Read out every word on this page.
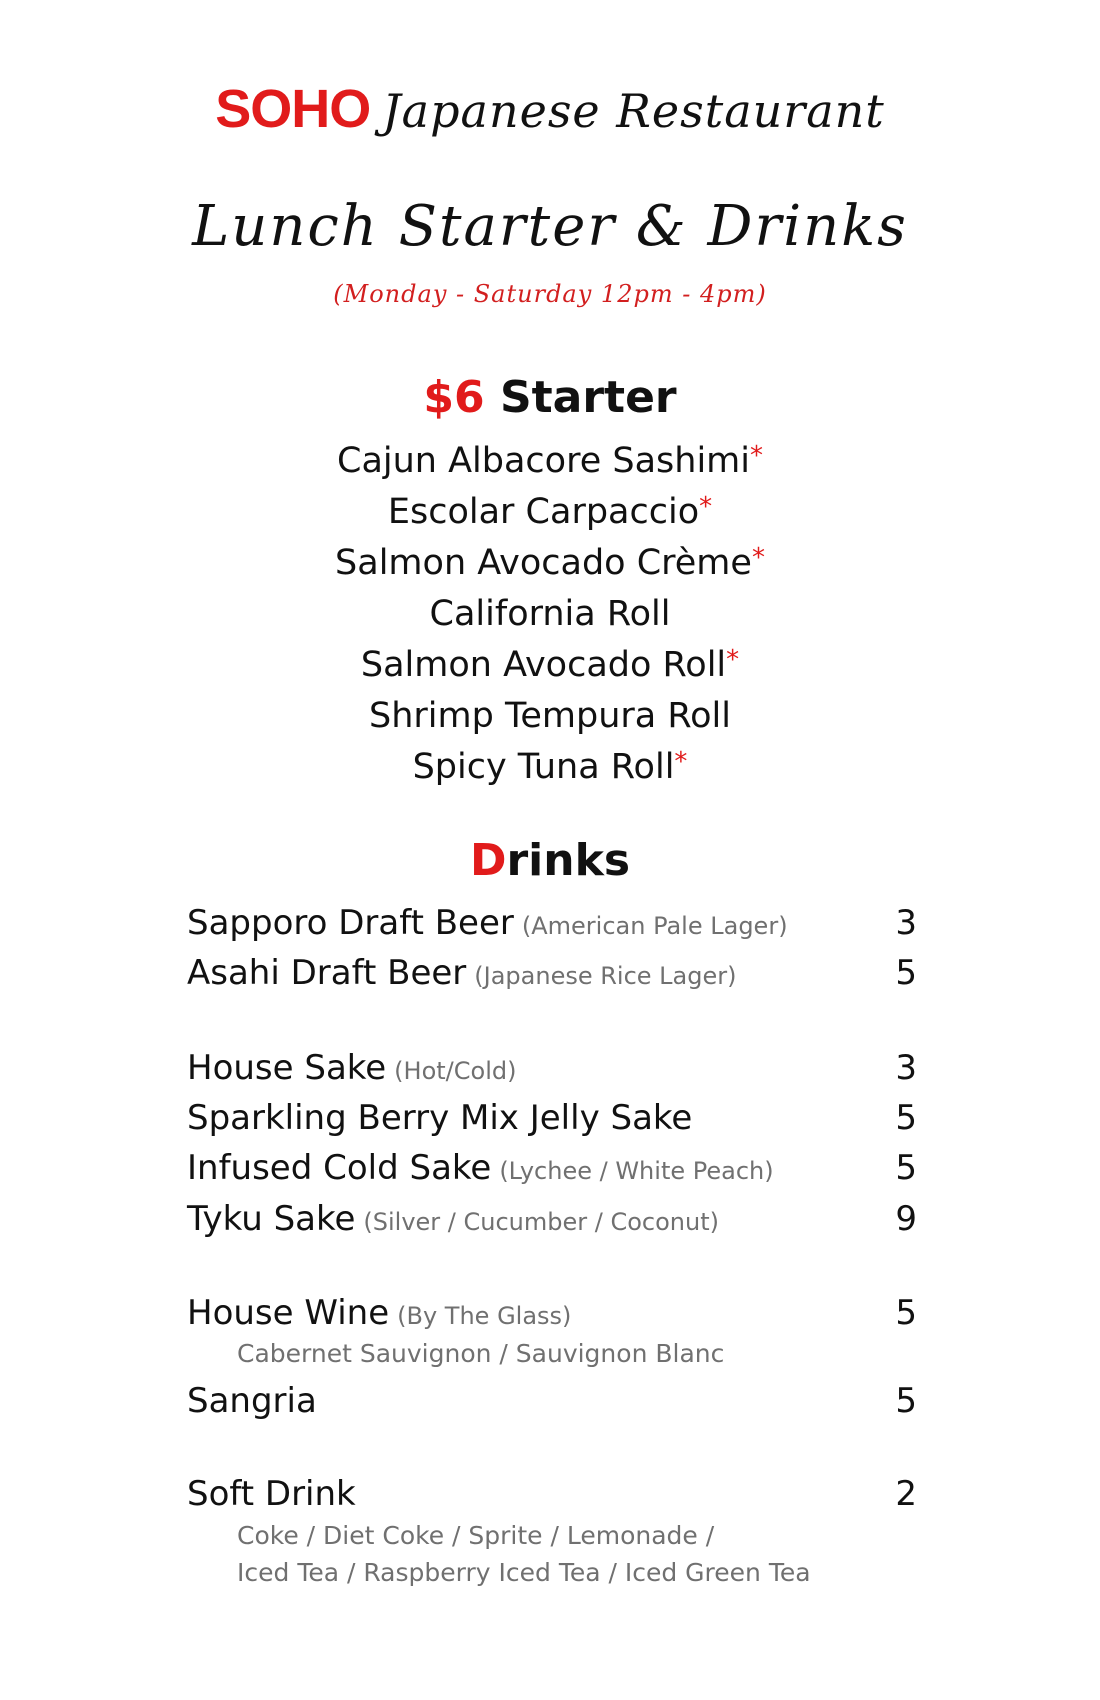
SOHO Japanese Restaurant
Lunch Starter & Drinks
(Monday - Saturday 12pm - 4pm)
$6 Starter
Cajun Albacore Sashimi*
Escolar Carpaccio*
Salmon Avocado Crème*
California Roll
Salmon Avocado Roll*
Shrimp Tempura Roll
Spicy Tuna Roll*
Drinks
Sapporo Draft Beer (American Pale Lager)	3
Asahi Draft Beer (Japanese Rice Lager)	5
House Sake (Hot/Cold)	3
Sparkling Berry Mix Jelly Sake	5
Infused Cold Sake (Lychee / White Peach)	5
Tyku Sake (Silver / Cucumber / Coconut)	9
House Wine (By The Glass)	5
Cabernet Sauvignon / Sauvignon Blanc
Sangria	5
Soft Drink	2
Coke / Diet Coke / Sprite / Lemonade /
Iced Tea / Raspberry Iced Tea / Iced Green Tea
